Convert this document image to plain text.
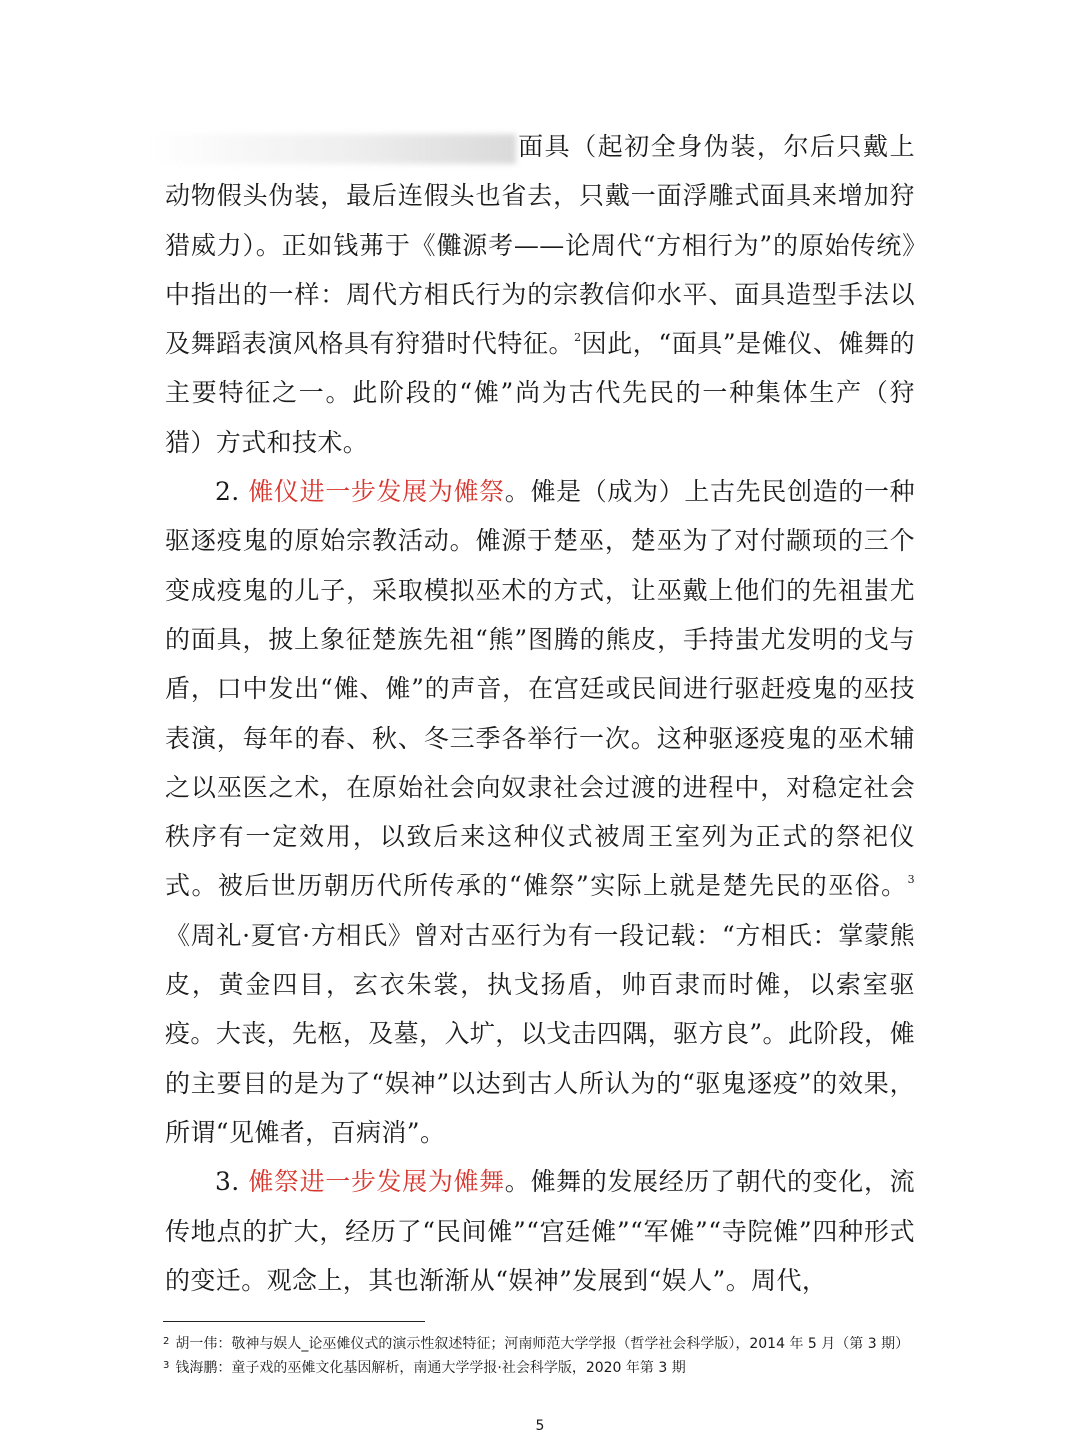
面具（起初全身伪装，尔后只戴上动物假头伪装，最后连假头也省去，只戴一面浮雕式面具来增加狩猎威力）。正如钱茀于《儺源考——论周代“方相行为”的原始传统》中指出的一样：周代方相氏行为的宗教信仰水平、面具造型手法以及舞蹈表演风格具有狩猎时代特征。$^2$因此，“面具”是傩仪、傩舞的主要特征之一。此阶段的“傩”尚为古代先民的一种集体生产（狩猎）方式和技术。

2. 傩仪进一步发展为傩祭。傩是（成为）上古先民创造的一种驱逐疫鬼的原始宗教活动。傩源于楚巫，楚巫为了对付颛顼的三个变成疫鬼的儿子，采取模拟巫术的方式，让巫戴上他们的先祖蚩尤的面具，披上象征楚族先祖“熊”图腾的熊皮，手持蚩尤发明的戈与盾，口中发出“傩、傩”的声音，在宫廷或民间进行驱赶疫鬼的巫技表演，每年的春、秋、冬三季各举行一次。这种驱逐疫鬼的巫术辅之以巫医之术，在原始社会向奴隶社会过渡的进程中，对稳定社会秩序有一定效用，以致后来这种仪式被周王室列为正式的祭祀仪式。被后世历朝历代所传承的“傩祭”实际上就是楚先民的巫俗。$^3$《周礼·夏官·方相氏》曾对古巫行为有一段记载：“方相氏：掌蒙熊皮，黄金四目，玄衣朱裳，执戈扬盾，帅百隶而时傩，以索室驱疫。大丧，先柩，及墓，入圹，以戈击四隅，驱方良”。此阶段，傩的主要目的是为了“娱神”以达到古人所认为的“驱鬼逐疫”的效果，所谓“见傩者，百病消”。

3. 傩祭进一步发展为傩舞。傩舞的发展经历了朝代的变化，流传地点的扩大，经历了“民间傩”“宫廷傩”“军傩”“寺院傩”四种形式的变迁。观念上，其也渐渐从“娱神”发展到“娱人”。周代，

$^2$ 胡一伟：敬神与娱人_论巫傩仪式的演示性叙述特征；河南师范大学学报（哲学社会科学版），2014 年 5 月（第 3 期）

$^3$ 钱海鹏：童子戏的巫傩文化基因解析，南通大学学报·社会科学版，2020 年第 3 期

5
